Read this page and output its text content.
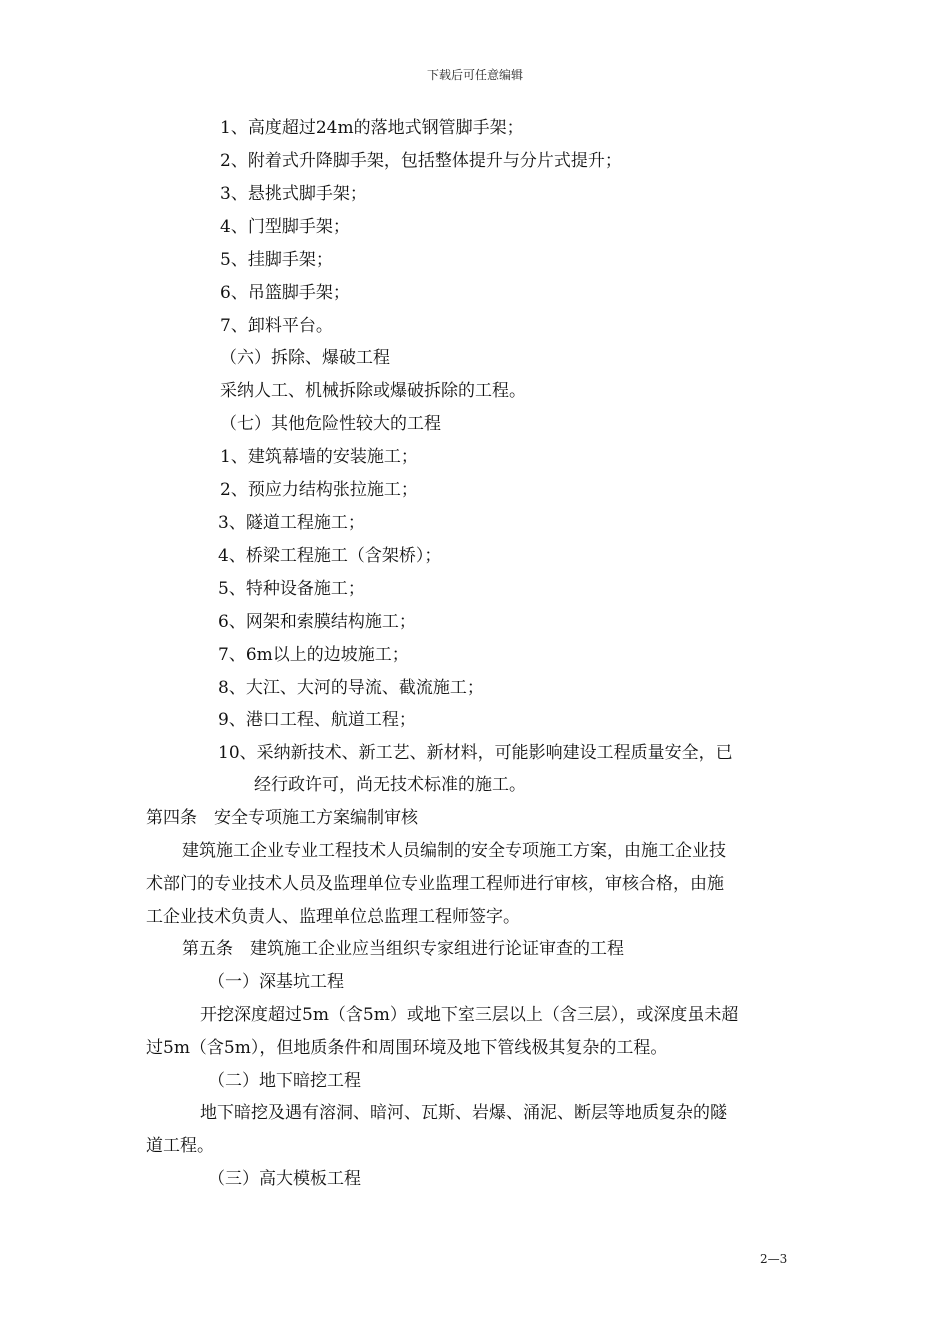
下载后可任意编辑
1、高度超过24m的落地式钢管脚手架；
2、附着式升降脚手架，包括整体提升与分片式提升；
3、悬挑式脚手架；
4、门型脚手架；
5、挂脚手架；
6、吊篮脚手架；
7、卸料平台。
（六）拆除、爆破工程
采纳人工、机械拆除或爆破拆除的工程。
（七）其他危险性较大的工程
1、建筑幕墙的安装施工；
2、预应力结构张拉施工；
3、隧道工程施工；
4、桥梁工程施工（含架桥）；
5、特种设备施工；
6、网架和索膜结构施工；
7、6m以上的边坡施工；
8、大江、大河的导流、截流施工；
9、港口工程、航道工程；
10、采纳新技术、新工艺、新材料，可能影响建设工程质量安全，已
经行政许可，尚无技术标准的施工。
第四条　安全专项施工方案编制审核
建筑施工企业专业工程技术人员编制的安全专项施工方案，由施工企业技
术部门的专业技术人员及监理单位专业监理工程师进行审核，审核合格，由施
工企业技术负责人、监理单位总监理工程师签字。
第五条　建筑施工企业应当组织专家组进行论证审查的工程
（一）深基坑工程
开挖深度超过5m（含5m）或地下室三层以上（含三层），或深度虽未超
过5m（含5m），但地质条件和周围环境及地下管线极其复杂的工程。
（二）地下暗挖工程
地下暗挖及遇有溶洞、暗河、瓦斯、岩爆、涌泥、断层等地质复杂的隧
道工程。
（三）高大模板工程
2—3
